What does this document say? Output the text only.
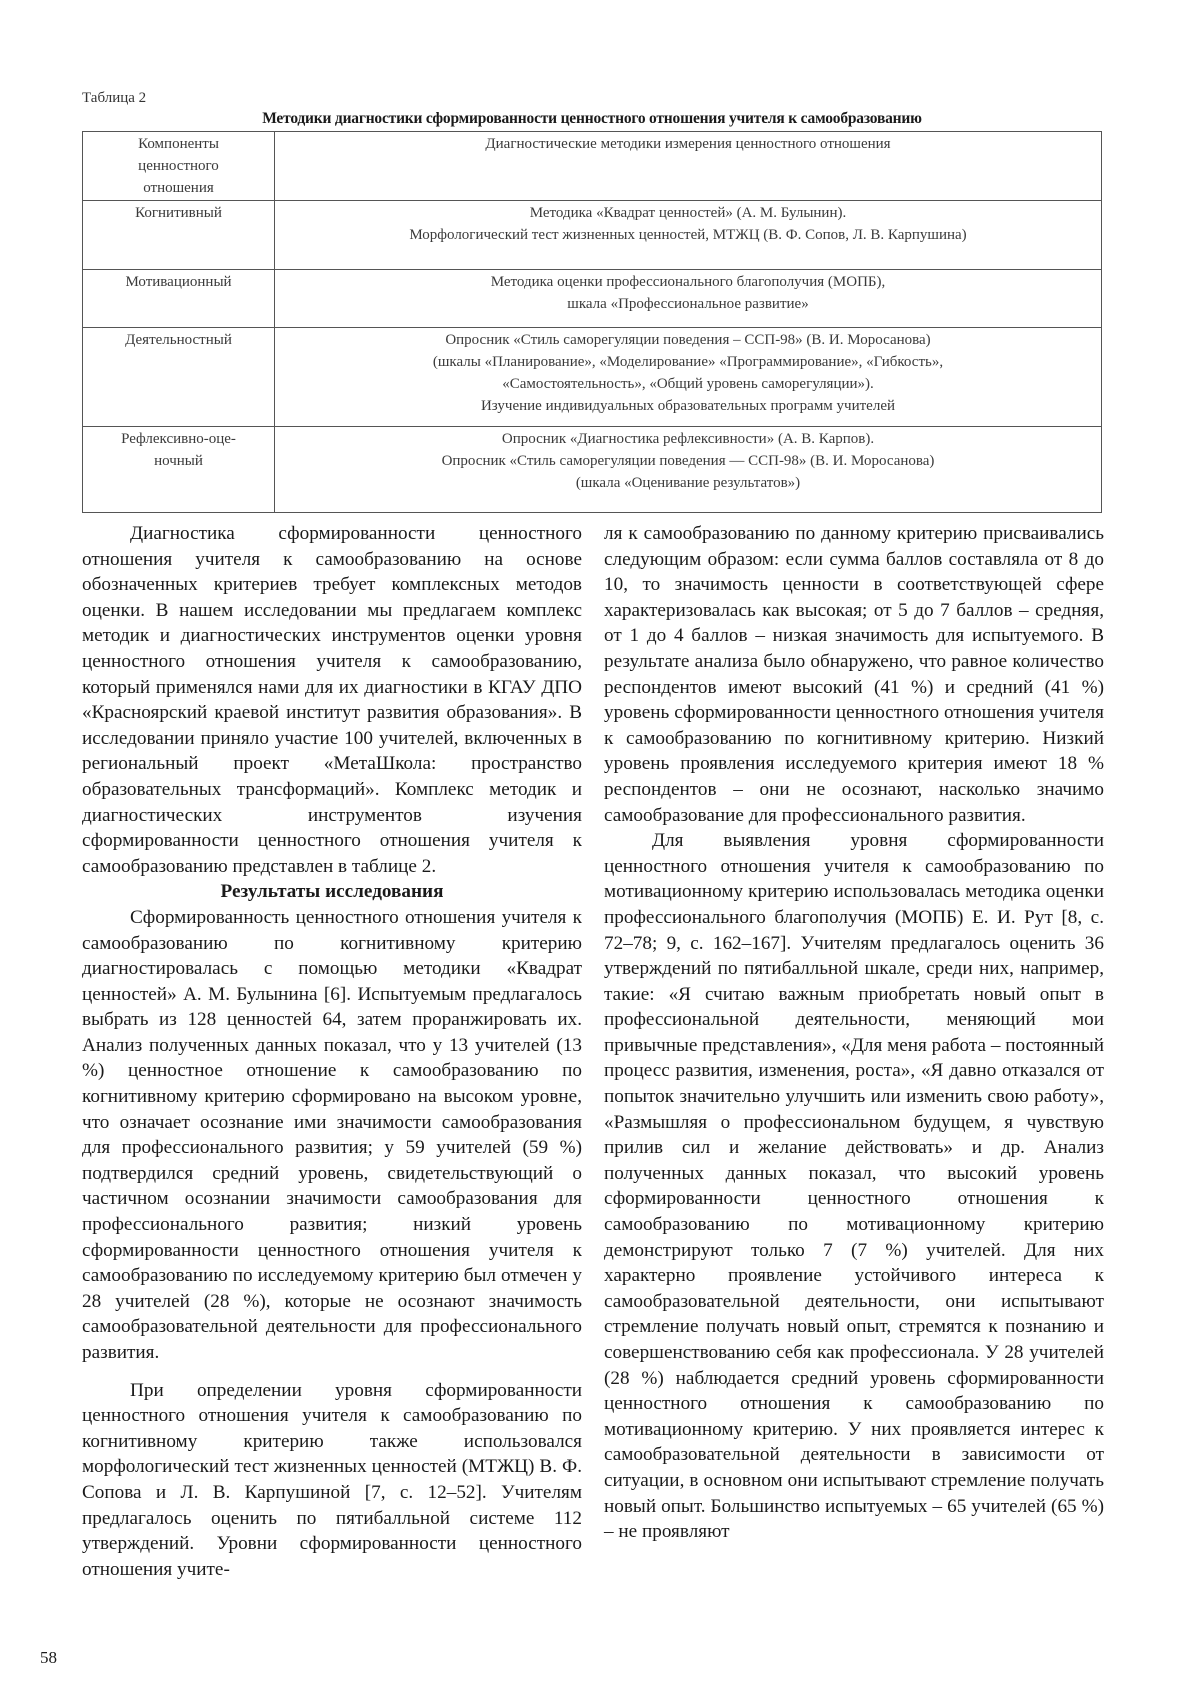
Таблица 2
Методики диагностики сформированности ценностного отношения учителя к самообразованию
Компоненты
ценностного
отношения	Диагностические методики измерения ценностного отношения
Когнитивный	Методика «Квадрат ценностей» (А. М. Булынин).
Морфологический тест жизненных ценностей, МТЖЦ (В. Ф. Сопов, Л. В. Карпушина)

Мотивационный	Методика оценки профессионального благополучия (МОПБ),
шкала «Профессиональное развитие»

Деятельностный	Опросник «Стиль саморегуляции поведения – ССП-98» (В. И. Моросанова)
(шкалы «Планирование», «Моделирование» «Программирование», «Гибкость»,
«Самостоятельность», «Общий уровень саморегуляции»).
Изучение индивидуальных образовательных программ учителей

Рефлексивно-оце-
ночный	Опросник «Диагностика рефлексивности» (А. В. Карпов).
Опросник «Стиль саморегуляции поведения — ССП-98» (В. И. Моросанова)
(шкала «Оценивание результатов»)

Диагностика сформированности ценностного отношения учителя к самообразованию на основе обозначенных критериев требует комплексных методов оценки. В нашем исследовании мы предлагаем комплекс методик и диагностических инструментов оценки уровня ценностного отношения учителя к самообразованию, который применялся нами для их диагностики в КГАУ ДПО «Красноярский краевой институт развития образования». В исследовании приняло участие 100 учителей, включенных в региональный проект «МетаШкола: пространство образовательных трансформаций». Комплекс методик и диагностических инструментов изучения сформированности ценностного отношения учителя к самообразованию представлен в таблице 2.

Результаты исследования

Сформированность ценностного отношения учителя к самообразованию по когнитивному критерию диагностировалась с помощью методики «Квадрат ценностей» А. М. Булынина [6]. Испытуемым предлагалось выбрать из 128 ценностей 64, затем проранжировать их. Анализ полученных данных показал, что у 13 учителей (13 %) ценностное отношение к самообразованию по когнитивному критерию сформировано на высоком уровне, что означает осознание ими значимости самообразования для профессионального развития; у 59 учителей (59 %) подтвердился средний уровень, свидетельствующий о частичном осознании значимости самообразования для профессионального развития; низкий уровень сформированности ценностного отношения учителя к самообразованию по исследуемому критерию был отмечен у 28 учителей (28 %), которые не осознают значимость самообразовательной деятельности для профессионального развития.

При определении уровня сформированности ценностного отношения учителя к самообразованию по когнитивному критерию также использовался морфологический тест жизненных ценностей (МТЖЦ) В. Ф. Сопова и Л. В. Карпушиной [7, с. 12–52]. Учителям предлагалось оценить по пятибалльной системе 112 утверждений. Уровни сформированности ценностного отношения учите-

ля к самообразованию по данному критерию присваивались следующим образом: если сумма баллов составляла от 8 до 10, то значимость ценности в соответствующей сфере характеризовалась как высокая; от 5 до 7 баллов – средняя, от 1 до 4 баллов – низкая значимость для испытуемого. В результате анализа было обнаружено, что равное количество респондентов имеют высокий (41 %) и средний (41 %) уровень сформированности ценностного отношения учителя к самообразованию по когнитивному критерию. Низкий уровень проявления исследуемого критерия имеют 18 % респондентов – они не осознают, насколько значимо самообразование для профессионального развития.

Для выявления уровня сформированности ценностного отношения учителя к самообразованию по мотивационному критерию использовалась методика оценки профессионального благополучия (МОПБ) Е. И. Рут [8, с. 72–78; 9, с. 162–167]. Учителям предлагалось оценить 36 утверждений по пятибалльной шкале, среди них, например, такие: «Я считаю важным приобретать новый опыт в профессиональной деятельности, меняющий мои привычные представления», «Для меня работа – постоянный процесс развития, изменения, роста», «Я давно отказался от попыток значительно улучшить или изменить свою работу», «Размышляя о профессиональном будущем, я чувствую прилив сил и желание действовать» и др. Анализ полученных данных показал, что высокий уровень сформированности ценностного отношения к самообразованию по мотивационному критерию демонстрируют только 7 (7 %) учителей. Для них характерно проявление устойчивого интереса к самообразовательной деятельности, они испытывают стремление получать новый опыт, стремятся к познанию и совершенствованию себя как профессионала. У 28 учителей (28 %) наблюдается средний уровень сформированности ценностного отношения к самообразованию по мотивационному критерию. У них проявляется интерес к самообразовательной деятельности в зависимости от ситуации, в основном они испытывают стремление получать новый опыт. Большинство испытуемых – 65 учителей (65 %) – не проявляют

58
